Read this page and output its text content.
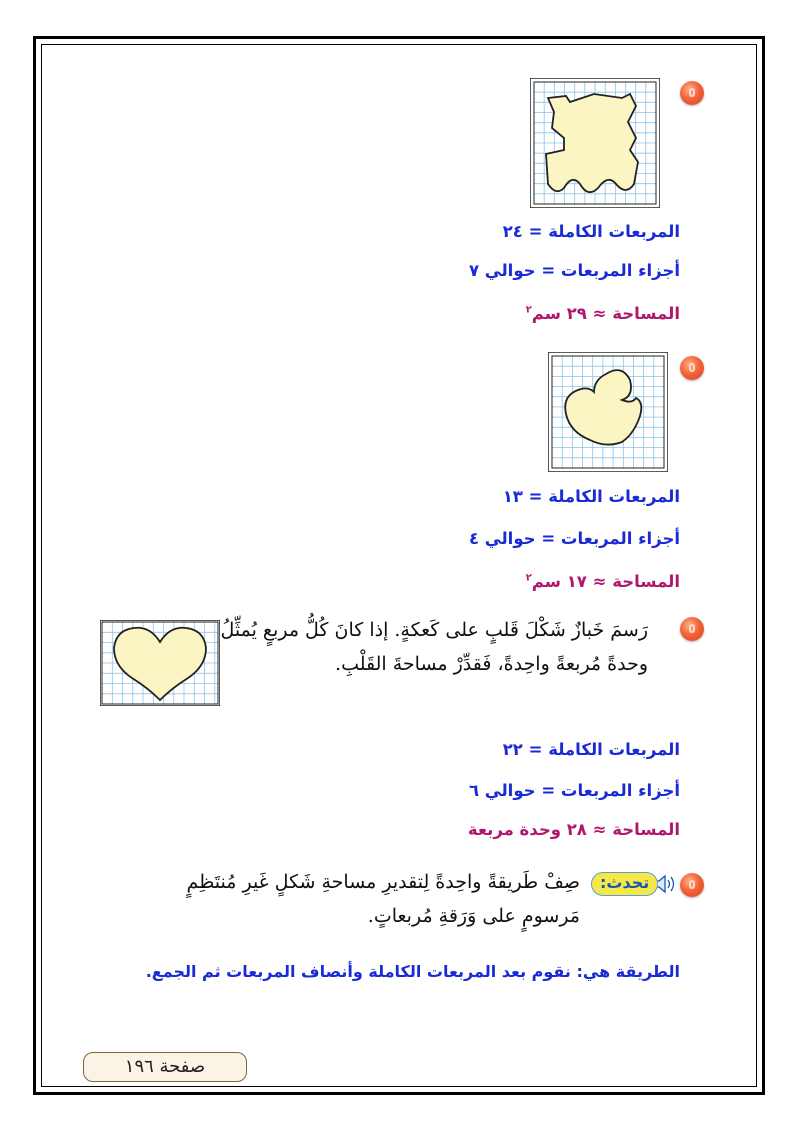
المربعات الكاملة = ٢٤
أجزاء المربعات = حوالي ٧
المساحة ≈ ٢٩ سم$^٢$
المربعات الكاملة = ١٣
أجزاء المربعات = حوالي ٤
المساحة ≈ ١٧ سم$^٢$
رَسمَ خَبازٌ شَكْلَ قَلبٍ على كَعكةٍ. إذا كانَ كُلُّ مربعٍ يُمثِّلُ
وحدةً مُربعةً واحِدةً، فَقدِّرْ مساحةَ القَلْبِ.
المربعات الكاملة = ٢٢
أجزاء المربعات = حوالي ٦
المساحة ≈ ٢٨ وحدة مربعة
تحدث:
صِفْ طَريقةً واحِدةً لِتقديرِ مساحةِ شَكلٍ غَيرِ مُنتَظِمٍ
مَرسومٍ على وَرَقةِ مُربعاتٍ.
الطريقة هي: نقوم بعد المربعات الكاملة وأنصاف المربعات ثم الجمع.
صفحة ١٩٦
